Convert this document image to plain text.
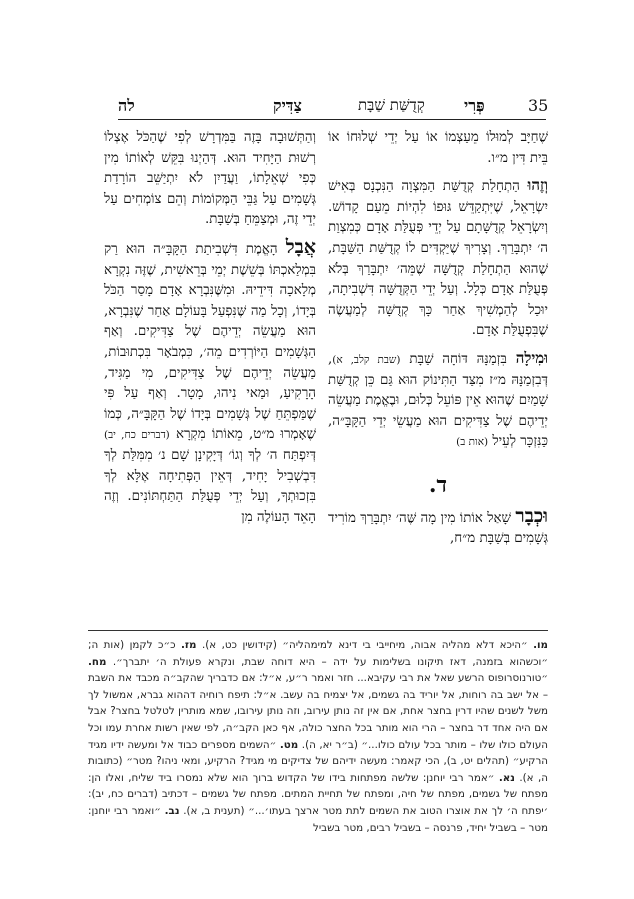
35
פְּרִי
קְדֻשַּׁת שַׁבָּת
צַדִּיק
לה

שֶׁחַיָּב לְמוּלוֹ מֵעַצְמוֹ אוֹ עַל יְדֵי שְׁלוּחוֹ אוֹ בֵּית דִּין מ״ו.

וְזֶהוּ הַתְחָלַת קְדֻשַּׁת הַמִּצְוָה הַנִּכְנָס בְּאִישׁ יִשְׂרָאֵל, שֶׁיִּתְקַדֵּשׁ גּוּפוֹ לִהְיוֹת מֵעַם קָדוֹשׁ. וְיִשְׂרָאֵל קְדֻשָּׁתָם עַל יְדֵי פְּעֻלַּת אָדָם כְּמִצְוַת ה׳ יִתְבָּרַךְ. וְצָרִיךְ שֶׁיַּקְדִּים לוֹ קְדֻשַּׁת הַשַּׁבָּת, שֶׁהוּא הַתְחָלַת קְדֻשָּׁה שֶׁמֵּה׳ יִתְבָּרַךְ בְּלֹא פְּעֻלַּת אָדָם כְּלָל. וְעַל יְדֵי הַקְּדֻשָּׁה דִּשְׁבִיתָה, יוּכַל לְהַמְשִׁיךְ אַחַר כָּךְ קְדֻשָּׁה לְמַעֲשֶׂה שֶׁבִּפְעֻלַּת אָדָם.

וּמִילָה בִּזְמַנָּהּ דּוֹחָה שַׁבָּת (שבת קלב, א), דְּבִזְמַנָּהּ מ״ז מִצַּד הַתִּינוֹק הוּא גַּם כֵּן קְדֻשַּׁת שָׁמַיִם שֶׁהוּא אֵין פּוֹעֵל כְּלוּם, וּבֶאֱמֶת מַעֲשֵׂה יְדֵיהֶם שֶׁל צַדִּיקִים הוּא מַעֲשֵׂי יְדֵי הַקָּבָּ״ה, כַּנִּזְכָּר לְעֵיל (אות ב)

ד.

וּכְבָר שָׁאַל אוֹתוֹ מִין מָה שֶּׁה׳ יִתְבָּרַךְ מוֹרִיד גְּשָׁמִים בְּשַׁבָּת מ״ח,

וְהַתְּשׁוּבָה בָּזֶה בַּמִּדְרָשׁ לְפִי שֶׁהַכֹּל אֶצְלוֹ רְשׁוּת הַיָּחִיד הוּא. דְּהַיְנוּ בִּקֵּשׁ לְאוֹתוֹ מִין כְּפִי שְׁאֵלָתוֹ, וַעֲדַיִן לֹא יִתְיַשֵּׁב הוֹרָדַת גְּשָׁמִים עַל גַּבֵּי הַמְּקוֹמוֹת וְהֵם צוֹמְחִים עַל יְדֵי זֶה, וּמְצַמֵּחַ בְּשַׁבָּת.

אֲבָל הָאֱמֶת דִּשְׁבִיתַת הַקָּבָּ״ה הוּא רַק בִּמְלַאכְתּוֹ בְּשֵׁשֶׁת יְמֵי בְּרֵאשִׁית, שֶׁזֶּה נִקְרָא מְלָאכָה דִּידֵיהּ. וּמִשֶּׁנִּבְרָא אָדָם מָסַר הַכֹּל בְּיָדוֹ, וְכָל מַה שֶּׁנִּפְעַל בָּעוֹלָם אַחַר שֶׁנִּבְרָא, הוּא מַעֲשֵׂה יְדֵיהֶם שֶׁל צַדִּיקִים. וְאַף הַגְּשָׁמִים הַיּוֹרְדִים מֵה׳, כִּמְבֹאָר בִּכְתוּבוֹת, מַעֲשֵׂה יְדֵיהֶם שֶׁל צַדִּיקִים, מִי מַגִּיד, הָרָקִיעַ, וּמַאי נִיהוּ, מָטָר. וְאַף עַל פִּי שֶׁמַּפְתֵּחַ שֶׁל גְּשָׁמִים בְּיָדוֹ שֶׁל הַקָּבָּ״ה, כְּמוֹ שֶׁאָמְרוּ מ״ט, מֵאוֹתוֹ מִקְרָא (דברים כח, יב) דְּיִפְתַּח ה׳ לְךָ וְגוֹ׳ דְּיָקִינָן שָׁם נ׳ מִמִּלַּת לְךָ דִּבְשְׁבִיל יָחִיד, דְּאֵין הַפְּתִיחָה אֶלָּא לְךָ בִּזְכוּתְךָ, וְעַל יְדֵי פְּעֻלַּת הַתַּחְתּוֹנִים. וְזֶה הָאֵד הָעוֹלֶה מִן

מו. ״היכא דלא מהליה אבוה, מיחייבי בי דינא למימהליה״ (קידושין כט, א). מז. כ״כ לקמן (אות ה; ״וכשהוא בזמנה, דאז תיקונו בשלימות על ידה – היא דוחה שבת, ונקרא פעולת ה׳ יתברך״. מח. ״טורנוסרופוס הרשע שאל את רבי עקיבא... חזר ואמר ר״ע, א״ל: אם כדבריך שהקב״ה מכבד את השבת – אל ישב בה רוחות, אל יוריד בה גשמים, אל יצמיח בה עשב. א״ל: תיפח רוחיה דההוא גברא, אמשול לך משל לשנים שהיו דרין בחצר אחת, אם אין זה נותן עירוב, וזה נותן עירובו, שמא מותרין לטלטל בחצר? אבל אם היה אחד דר בחצר – הרי הוא מותר בכל החצר כולה, אף כאן הקב״ה, לפי שאין רשות אחרת עמו וכל העולם כולו שלו – מותר בכל עולם כולו...״ (ב״ר יא, ה). מט. ״השמים מספרים כבוד אל ומעשה ידיו מגיד הרקיע״ (תהלים יט, ב), הכי קאמר: מעשה ידיהם של צדיקים מי מגיד? הרקיע, ומאי ניהו? מטר״ (כתובות ה, א). נא. ״אמר רבי יוחנן: שלשה מפתחות בידו של הקדוש ברוך הוא שלא נמסרו ביד שליח, ואלו הן: מפתח של גשמים, מפתח של חיה, ומפתח של תחיית המתים. מפתח של גשמים – דכתיב (דברים כח, יב): ׳יפתח ה׳ לך את אוצרו הטוב את השמים לתת מטר ארצך בעתו׳...״ (תענית ב, א). נב. ״ואמר רבי יוחנן: מטר – בשביל יחיד, פרנסה – בשביל רבים, מטר בשביל
